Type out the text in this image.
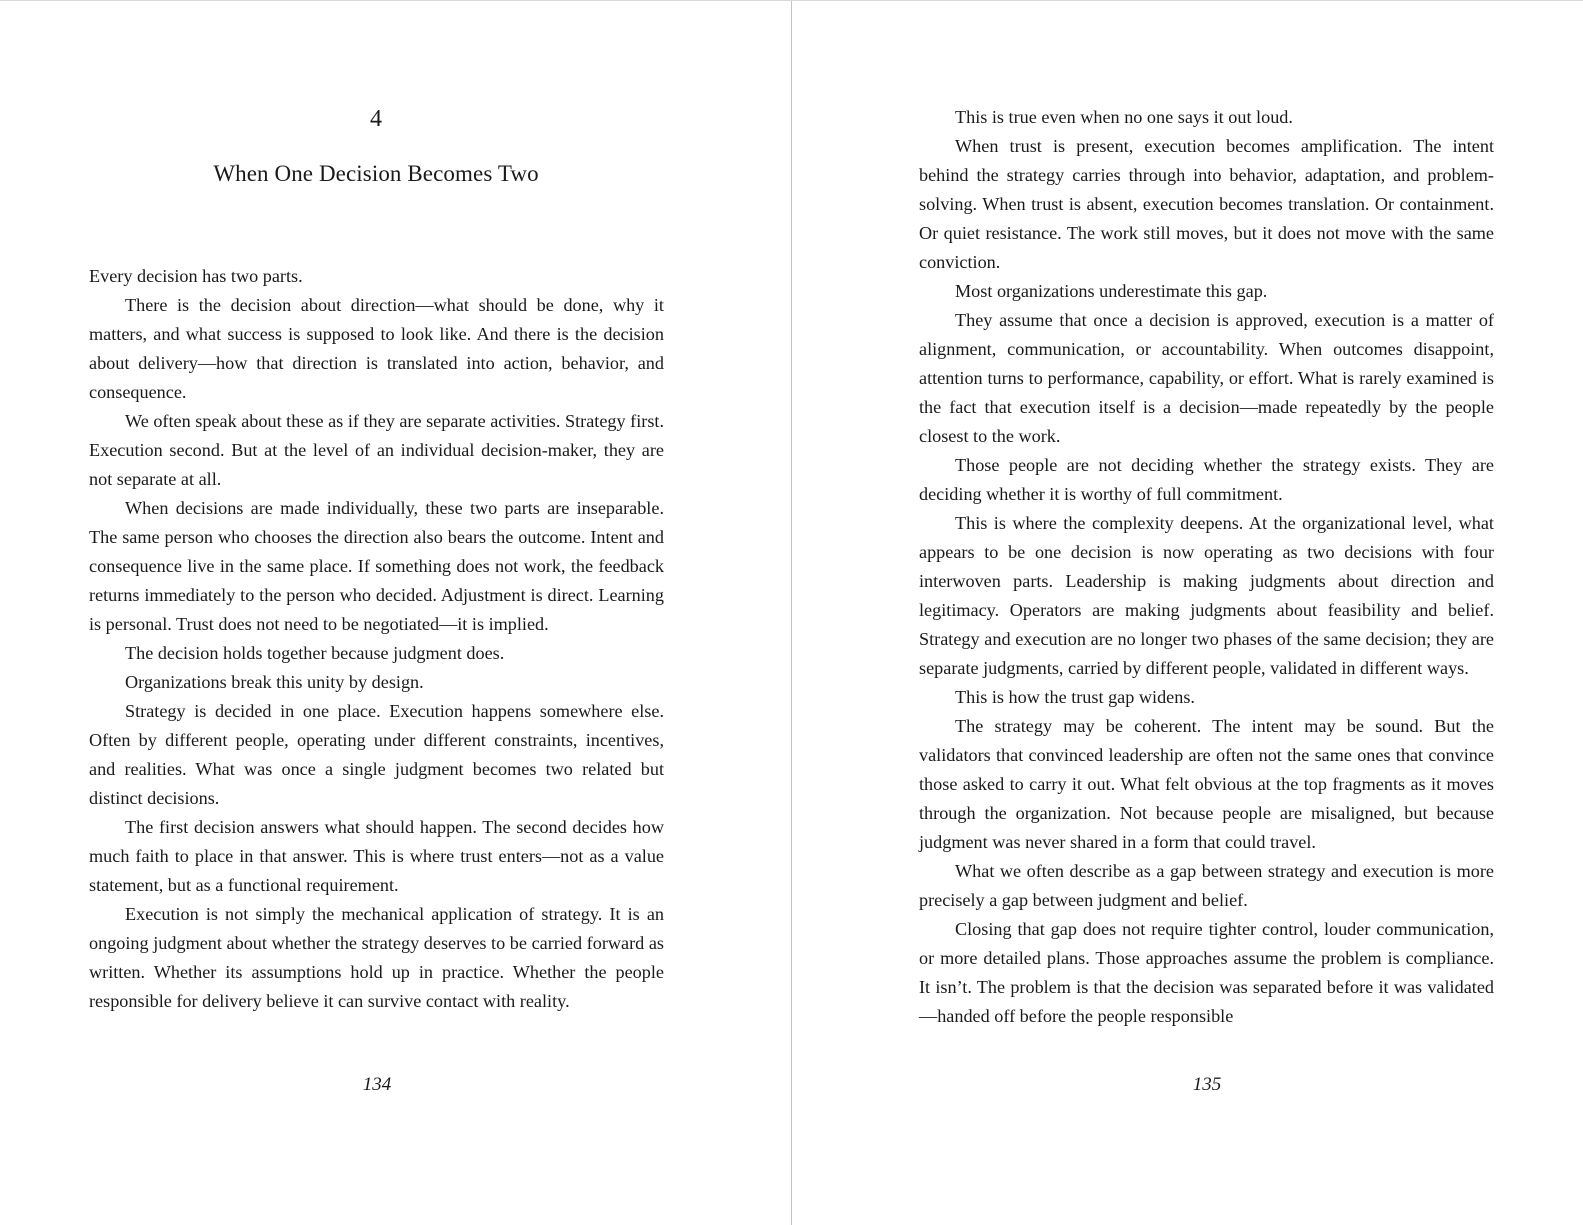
4
When One Decision Becomes Two

Every decision has two parts.

There is the decision about direction—what should be done, why it matters, and what success is supposed to look like. And there is the decision about delivery—how that direction is translated into action, behavior, and consequence.

We often speak about these as if they are separate activities. Strategy first. Execution second. But at the level of an individual decision-maker, they are not separate at all.

When decisions are made individually, these two parts are inseparable. The same person who chooses the direction also bears the outcome. Intent and consequence live in the same place. If something does not work, the feedback returns immediately to the person who decided. Adjustment is direct. Learning is personal. Trust does not need to be negotiated—it is implied.

The decision holds together because judgment does.

Organizations break this unity by design.

Strategy is decided in one place. Execution happens somewhere else. Often by different people, operating under different constraints, incentives, and realities. What was once a single judgment becomes two related but distinct decisions.

The first decision answers what should happen. The second decides how much faith to place in that answer. This is where trust enters—not as a value statement, but as a functional requirement.

Execution is not simply the mechanical application of strategy. It is an ongoing judgment about whether the strategy deserves to be carried forward as written. Whether its assumptions hold up in practice. Whether the people responsible for delivery believe it can survive contact with reality.

134

This is true even when no one says it out loud.

When trust is present, execution becomes amplification. The intent behind the strategy carries through into behavior, adaptation, and problem-solving. When trust is absent, execution becomes translation. Or containment. Or quiet resistance. The work still moves, but it does not move with the same conviction.

Most organizations underestimate this gap.

They assume that once a decision is approved, execution is a matter of alignment, communication, or accountability. When outcomes disappoint, attention turns to performance, capability, or effort. What is rarely examined is the fact that execution itself is a decision—made repeatedly by the people closest to the work.

Those people are not deciding whether the strategy exists. They are deciding whether it is worthy of full commitment.

This is where the complexity deepens. At the organizational level, what appears to be one decision is now operating as two decisions with four interwoven parts. Leadership is making judgments about direction and legitimacy. Operators are making judgments about feasibility and belief. Strategy and execution are no longer two phases of the same decision; they are separate judgments, carried by different people, validated in different ways.

This is how the trust gap widens.

The strategy may be coherent. The intent may be sound. But the validators that convinced leadership are often not the same ones that convince those asked to carry it out. What felt obvious at the top fragments as it moves through the organization. Not because people are misaligned, but because judgment was never shared in a form that could travel.

What we often describe as a gap between strategy and execution is more precisely a gap between judgment and belief.

Closing that gap does not require tighter control, louder communication, or more detailed plans. Those approaches assume the problem is compliance. It isn’t. The problem is that the decision was separated before it was validated—handed off before the people responsible

135
